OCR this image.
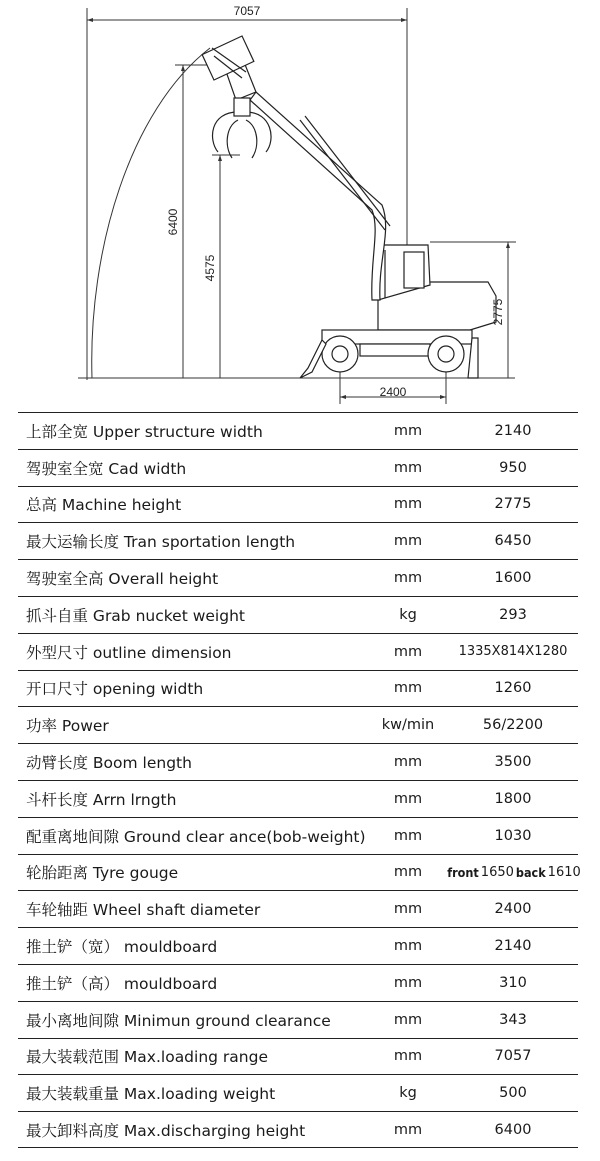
7057
6400
4575
2775
2400
上部全宽 Upper structure width	mm	2140
驾驶室全宽 Cad width	mm	950
总高 Machine height	mm	2775
最大运输长度 Tran sportation length	mm	6450
驾驶室全高 Overall height	mm	1600
抓斗自重 Grab nucket weight	kg	293
外型尺寸 outline dimension	mm	1335X814X1280
开口尺寸 opening width	mm	1260
功率 Power	kw/min	56/2200
动臂长度 Boom length	mm	3500
斗杆长度 Arrn lrngth	mm	1800
配重离地间隙 Ground clear ance(bob-weight)	mm	1030
轮胎距离 Tyre gouge	mm	front 1650 back 1610
车轮轴距 Wheel shaft diameter	mm	2400
推土铲（宽） mouldboard	mm	2140
推土铲（高） mouldboard	mm	310
最小离地间隙 Minimun ground clearance	mm	343
最大装载范围 Max.loading range	mm	7057
最大装载重量 Max.loading weight	kg	500
最大卸料高度 Max.discharging height	mm	6400
